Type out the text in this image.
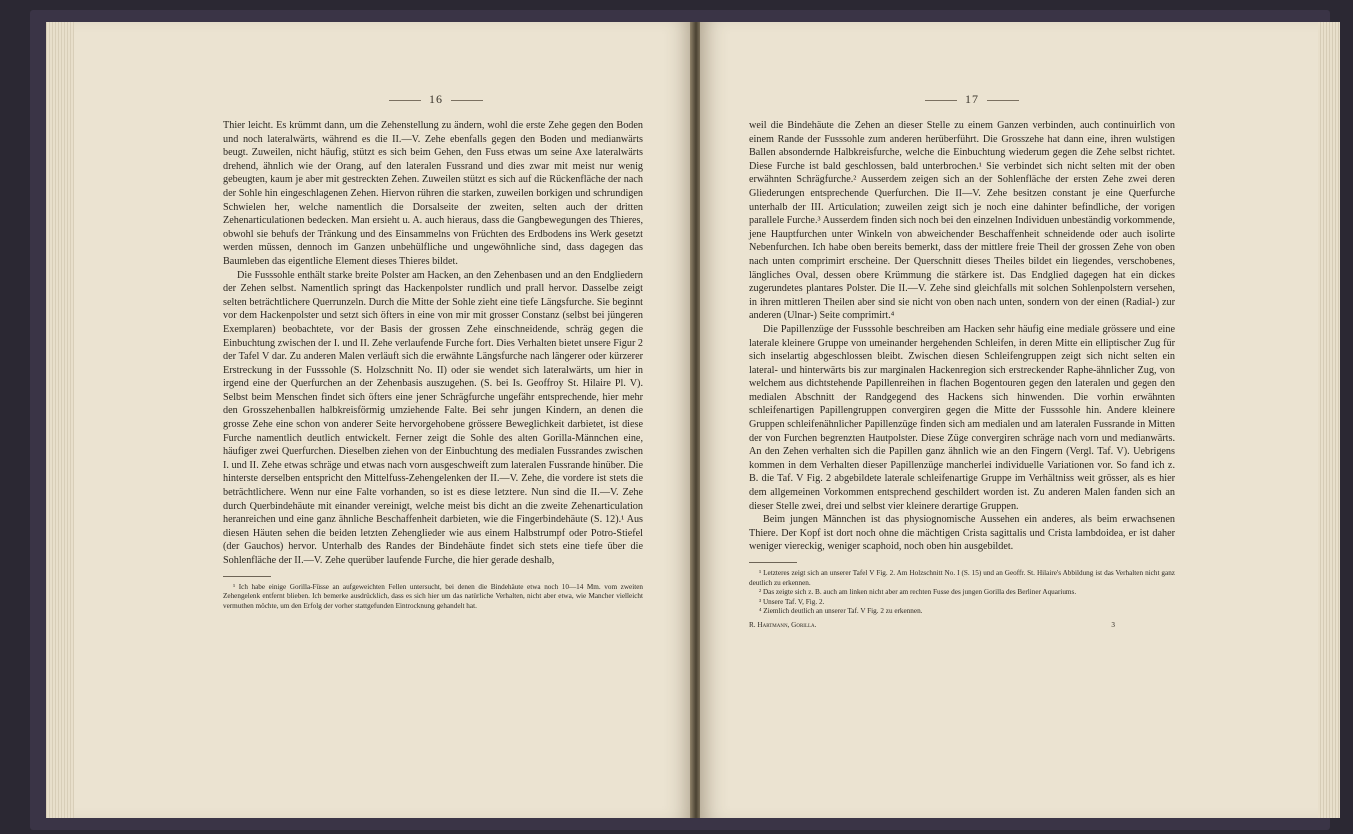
16

Thier leicht. Es krümmt dann, um die Zehenstellung zu ändern, wohl die erste Zehe gegen den Boden und noch lateralwärts, während es die II.—V. Zehe ebenfalls gegen den Boden und medianwärts beugt. Zuweilen, nicht häufig, stützt es sich beim Gehen, den Fuss etwas um seine Axe lateralwärts drehend, ähnlich wie der Orang, auf den lateralen Fussrand und dies zwar mit meist nur wenig gebeugten, kaum je aber mit gestreckten Zehen. Zuweilen stützt es sich auf die Rückenfläche der nach der Sohle hin eingeschlagenen Zehen. Hiervon rühren die starken, zuweilen borkigen und schrundigen Schwielen her, welche namentlich die Dorsalseite der zweiten, selten auch der dritten Zehenarticulationen bedecken. Man ersieht u. A. auch hieraus, dass die Gangbewegungen des Thieres, obwohl sie behufs der Tränkung und des Einsammelns von Früchten des Erdbodens ins Werk gesetzt werden müssen, dennoch im Ganzen unbehülfliche und ungewöhnliche sind, dass dagegen das Baumleben das eigentliche Element dieses Thieres bildet.

Die Fusssohle enthält starke breite Polster am Hacken, an den Zehenbasen und an den Endgliedern der Zehen selbst. Namentlich springt das Hackenpolster rundlich und prall hervor. Dasselbe zeigt selten beträchtlichere Querrunzeln. Durch die Mitte der Sohle zieht eine tiefe Längsfurche. Sie beginnt vor dem Hackenpolster und setzt sich öfters in eine von mir mit grosser Constanz (selbst bei jüngeren Exemplaren) beobachtete, vor der Basis der grossen Zehe einschneidende, schräg gegen die Einbuchtung zwischen der I. und II. Zehe verlaufende Furche fort. Dies Verhalten bietet unsere Figur 2 der Tafel V dar. Zu anderen Malen verläuft sich die erwähnte Längsfurche nach längerer oder kürzerer Erstreckung in der Fusssohle (S. Holzschnitt No. II) oder sie wendet sich lateralwärts, um hier in irgend eine der Querfurchen an der Zehenbasis auszugehen. (S. bei Is. Geoffroy St. Hilaire Pl. V). Selbst beim Menschen findet sich öfters eine jener Schrägfurche ungefähr entsprechende, hier mehr den Grosszehenballen halbkreisförmig umziehende Falte. Bei sehr jungen Kindern, an denen die grosse Zehe eine schon von anderer Seite hervorgehobene grössere Beweglichkeit darbietet, ist diese Furche namentlich deutlich entwickelt. Ferner zeigt die Sohle des alten Gorilla-Männchen eine, häufiger zwei Querfurchen. Dieselben ziehen von der Einbuchtung des medialen Fussrandes zwischen I. und II. Zehe etwas schräge und etwas nach vorn ausgeschweift zum lateralen Fussrande hinüber. Die hinterste derselben entspricht den Mittelfuss-Zehengelenken der II.—V. Zehe, die vordere ist stets die beträchtlichere. Wenn nur eine Falte vorhanden, so ist es diese letztere. Nun sind die II.—V. Zehe durch Querbindehäute mit einander vereinigt, welche meist bis dicht an die zweite Zehenarticulation heranreichen und eine ganz ähnliche Beschaffenheit darbieten, wie die Fingerbindehäute (S. 12).¹ Aus diesen Häuten sehen die beiden letzten Zehenglieder wie aus einem Halbstrumpf oder Potro-Stiefel (der Gauchos) hervor. Unterhalb des Randes der Bindehäute findet sich stets eine tiefe über die Sohlenfläche der II.—V. Zehe querüber laufende Furche, die hier gerade deshalb,

¹ Ich habe einige Gorilla-Füsse an aufgeweichten Fellen untersucht, bei denen die Bindehäute etwa noch 10—14 Mm. vom zweiten Zehengelenk entfernt blieben. Ich bemerke ausdrücklich, dass es sich hier um das natürliche Verhalten, nicht aber etwa, wie Mancher vielleicht vermuthen möchte, um den Erfolg der vorher stattgefunden Eintrocknung gehandelt hat.

17

weil die Bindehäute die Zehen an dieser Stelle zu einem Ganzen verbinden, auch continuirlich von einem Rande der Fusssohle zum anderen herüberführt. Die Grosszehe hat dann eine, ihren wulstigen Ballen absondernde Halbkreisfurche, welche die Einbuchtung wiederum gegen die Zehe selbst richtet. Diese Furche ist bald geschlossen, bald unterbrochen.¹ Sie verbindet sich nicht selten mit der oben erwähnten Schrägfurche.² Ausserdem zeigen sich an der Sohlenfläche der ersten Zehe zwei deren Gliederungen entsprechende Querfurchen. Die II—V. Zehe besitzen constant je eine Querfurche unterhalb der III. Articulation; zuweilen zeigt sich je noch eine dahinter befindliche, der vorigen parallele Furche.³ Ausserdem finden sich noch bei den einzelnen Individuen unbeständig vorkommende, jene Hauptfurchen unter Winkeln von abweichender Beschaffenheit schneidende oder auch isolirte Nebenfurchen. Ich habe oben bereits bemerkt, dass der mittlere freie Theil der grossen Zehe von oben nach unten comprimirt erscheine. Der Querschnitt dieses Theiles bildet ein liegendes, verschobenes, längliches Oval, dessen obere Krümmung die stärkere ist. Das Endglied dagegen hat ein dickes zugerundetes plantares Polster. Die II.—V. Zehe sind gleichfalls mit solchen Sohlenpolstern versehen, in ihren mittleren Theilen aber sind sie nicht von oben nach unten, sondern von der einen (Radial-) zur anderen (Ulnar-) Seite comprimirt.⁴

Die Papillenzüge der Fusssohle beschreiben am Hacken sehr häufig eine mediale grössere und eine laterale kleinere Gruppe von umeinander hergehenden Schleifen, in deren Mitte ein elliptischer Zug für sich inselartig abgeschlossen bleibt. Zwischen diesen Schleifengruppen zeigt sich nicht selten ein lateral- und hinterwärts bis zur marginalen Hackenregion sich erstreckender Raphe-ähnlicher Zug, von welchem aus dichtstehende Papillenreihen in flachen Bogentouren gegen den lateralen und gegen den medialen Abschnitt der Randgegend des Hackens sich hinwenden. Die vorhin erwähnten schleifenartigen Papillengruppen convergiren gegen die Mitte der Fusssohle hin. Andere kleinere Gruppen schleifenähnlicher Papillenzüge finden sich am medialen und am lateralen Fussrande in Mitten der von Furchen begrenzten Hautpolster. Diese Züge convergiren schräge nach vorn und medianwärts. An den Zehen verhalten sich die Papillen ganz ähnlich wie an den Fingern (Vergl. Taf. V). Uebrigens kommen in dem Verhalten dieser Papillenzüge mancherlei individuelle Variationen vor. So fand ich z. B. die Taf. V Fig. 2 abgebildete laterale schleifenartige Gruppe im Verhältniss weit grösser, als es hier dem allgemeinen Vorkommen entsprechend geschildert worden ist. Zu anderen Malen fanden sich an dieser Stelle zwei, drei und selbst vier kleinere derartige Gruppen.

Beim jungen Männchen ist das physiognomische Aussehen ein anderes, als beim erwachsenen Thiere. Der Kopf ist dort noch ohne die mächtigen Crista sagittalis und Crista lambdoidea, er ist daher weniger viereckig, weniger scaphoid, noch oben hin ausgebildet.

¹ Letzteres zeigt sich an unserer Tafel V Fig. 2. Am Holzschnitt No. I (S. 15) und an Geoffr. St. Hilaire's Abbildung ist das Verhalten nicht ganz deutlich zu erkennen.

² Das zeigte sich z. B. auch am linken nicht aber am rechten Fusse des jungen Gorilla des Berliner Aquariums.

³ Unsere Taf. V, Fig. 2.

⁴ Ziemlich deutlich an unserer Taf. V Fig. 2 zu erkennen.

R. Hartmann, Gorilla.	3
